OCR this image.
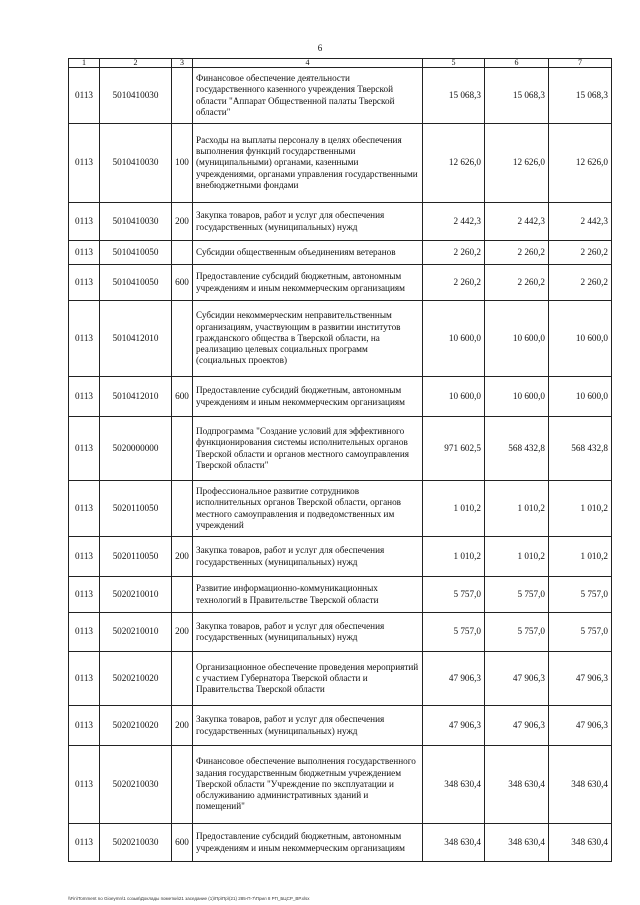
6
1	2	3	4	5	6	7
0113	5010410030		Финансовое обеспечение деятельности государственного казенного учреждения Тверской области "Аппарат Общественной палаты Тверской области"	15 068,3	15 068,3	15 068,3
0113	5010410030	100	Расходы на выплаты персоналу в целях обеспечения выполнения функций государственными (муниципальными) органами, казенными учреждениями, органами управления государственными внебюджетными фондами	12 626,0	12 626,0	12 626,0
0113	5010410030	200	Закупка товаров, работ и услуг для обеспечения государственных (муниципальных) нужд	2 442,3	2 442,3	2 442,3
0113	5010410050		Субсидии общественным объединениям ветеранов	2 260,2	2 260,2	2 260,2
0113	5010410050	600	Предоставление субсидий бюджетным, автономным учреждениям и иным некоммерческим организациям	2 260,2	2 260,2	2 260,2
0113	5010412010		Субсидии некоммерческим неправительственным организациям, участвующим в развитии институтов гражданского общества в Тверской области, на реализацию целевых социальных программ (социальных проектов)	10 600,0	10 600,0	10 600,0
0113	5010412010	600	Предоставление субсидий бюджетным, автономным учреждениям и иным некоммерческим организациям	10 600,0	10 600,0	10 600,0
0113	5020000000		Подпрограмма "Создание условий для эффективного функционирования системы исполнительных органов Тверской области и органов местного самоуправления Тверской области"	971 602,5	568 432,8	568 432,8
0113	5020110050		Профессиональное развитие сотрудников исполнительных органов Тверской области, органов местного самоуправления и подведомственных им учреждений	1 010,2	1 010,2	1 010,2
0113	5020110050	200	Закупка товаров, работ и услуг для обеспечения государственных (муниципальных) нужд	1 010,2	1 010,2	1 010,2
0113	5020210010		Развитие информационно-коммуникационных технологий в Правительстве Тверской области	5 757,0	5 757,0	5 757,0
0113	5020210010	200	Закупка товаров, работ и услуг для обеспечения государственных (муниципальных) нужд	5 757,0	5 757,0	5 757,0
0113	5020210020		Организационное обеспечение проведения мероприятий с участием Губернатора Тверской области и Правительства Тверской области	47 906,3	47 906,3	47 906,3
0113	5020210020	200	Закупка товаров, работ и услуг для обеспечения государственных (муниципальных) нужд	47 906,3	47 906,3	47 906,3
0113	5020210030		Финансовое обеспечение выполнения государственного задания государственным бюджетным учреждением Тверской области "Учреждение по эксплуатации и обслуживанию административных зданий и помещений"	348 630,4	348 630,4	348 630,4
0113	5020210030	600	Предоставление субсидий бюджетным, автономным учреждениям и иным некоммерческим организациям	348 630,4	348 630,4	348 630,4
\\Fin\Tomment no Gioeymn\1 coзыв\Доклaды пoмeтки\21 зaседaние (1)\Пp\Пp\(21) 285-П-7\Прил 8 РП_БЦСР_ВР.xlsx
